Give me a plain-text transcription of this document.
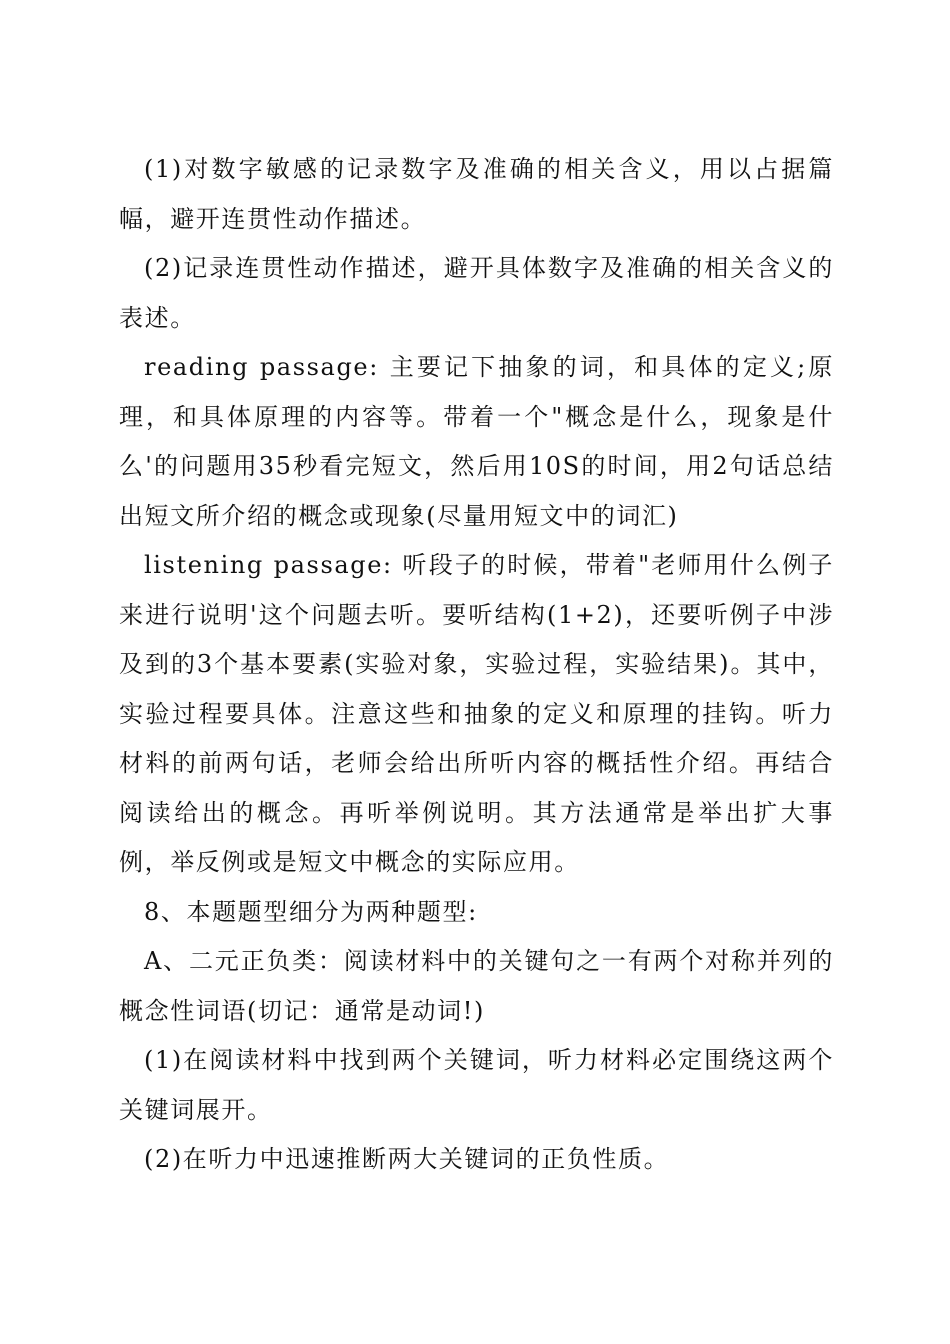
(1)对数字敏感的记录数字及准确的相关含义，用以占据篇幅，避开连贯性动作描述。

(2)记录连贯性动作描述，避开具体数字及准确的相关含义的表述。

reading passage: 主要记下抽象的词，和具体的定义;原理，和具体原理的内容等。带着一个"概念是什么，现象是什么'的问题用35秒看完短文，然后用10S的时间，用2句话总结出短文所介绍的概念或现象(尽量用短文中的词汇)

listening passage: 听段子的时候，带着"老师用什么例子来进行说明'这个问题去听。要听结构(1+2)，还要听例子中涉及到的3个基本要素(实验对象，实验过程，实验结果)。其中，实验过程要具体。注意这些和抽象的定义和原理的挂钩。听力材料的前两句话，老师会给出所听内容的概括性介绍。再结合阅读给出的概念。再听举例说明。其方法通常是举出扩大事例，举反例或是短文中概念的实际应用。

8、本题题型细分为两种题型:

A、二元正负类：阅读材料中的关键句之一有两个对称并列的概念性词语(切记：通常是动词!)

(1)在阅读材料中找到两个关键词，听力材料必定围绕这两个关键词展开。

(2)在听力中迅速推断两大关键词的正负性质。
